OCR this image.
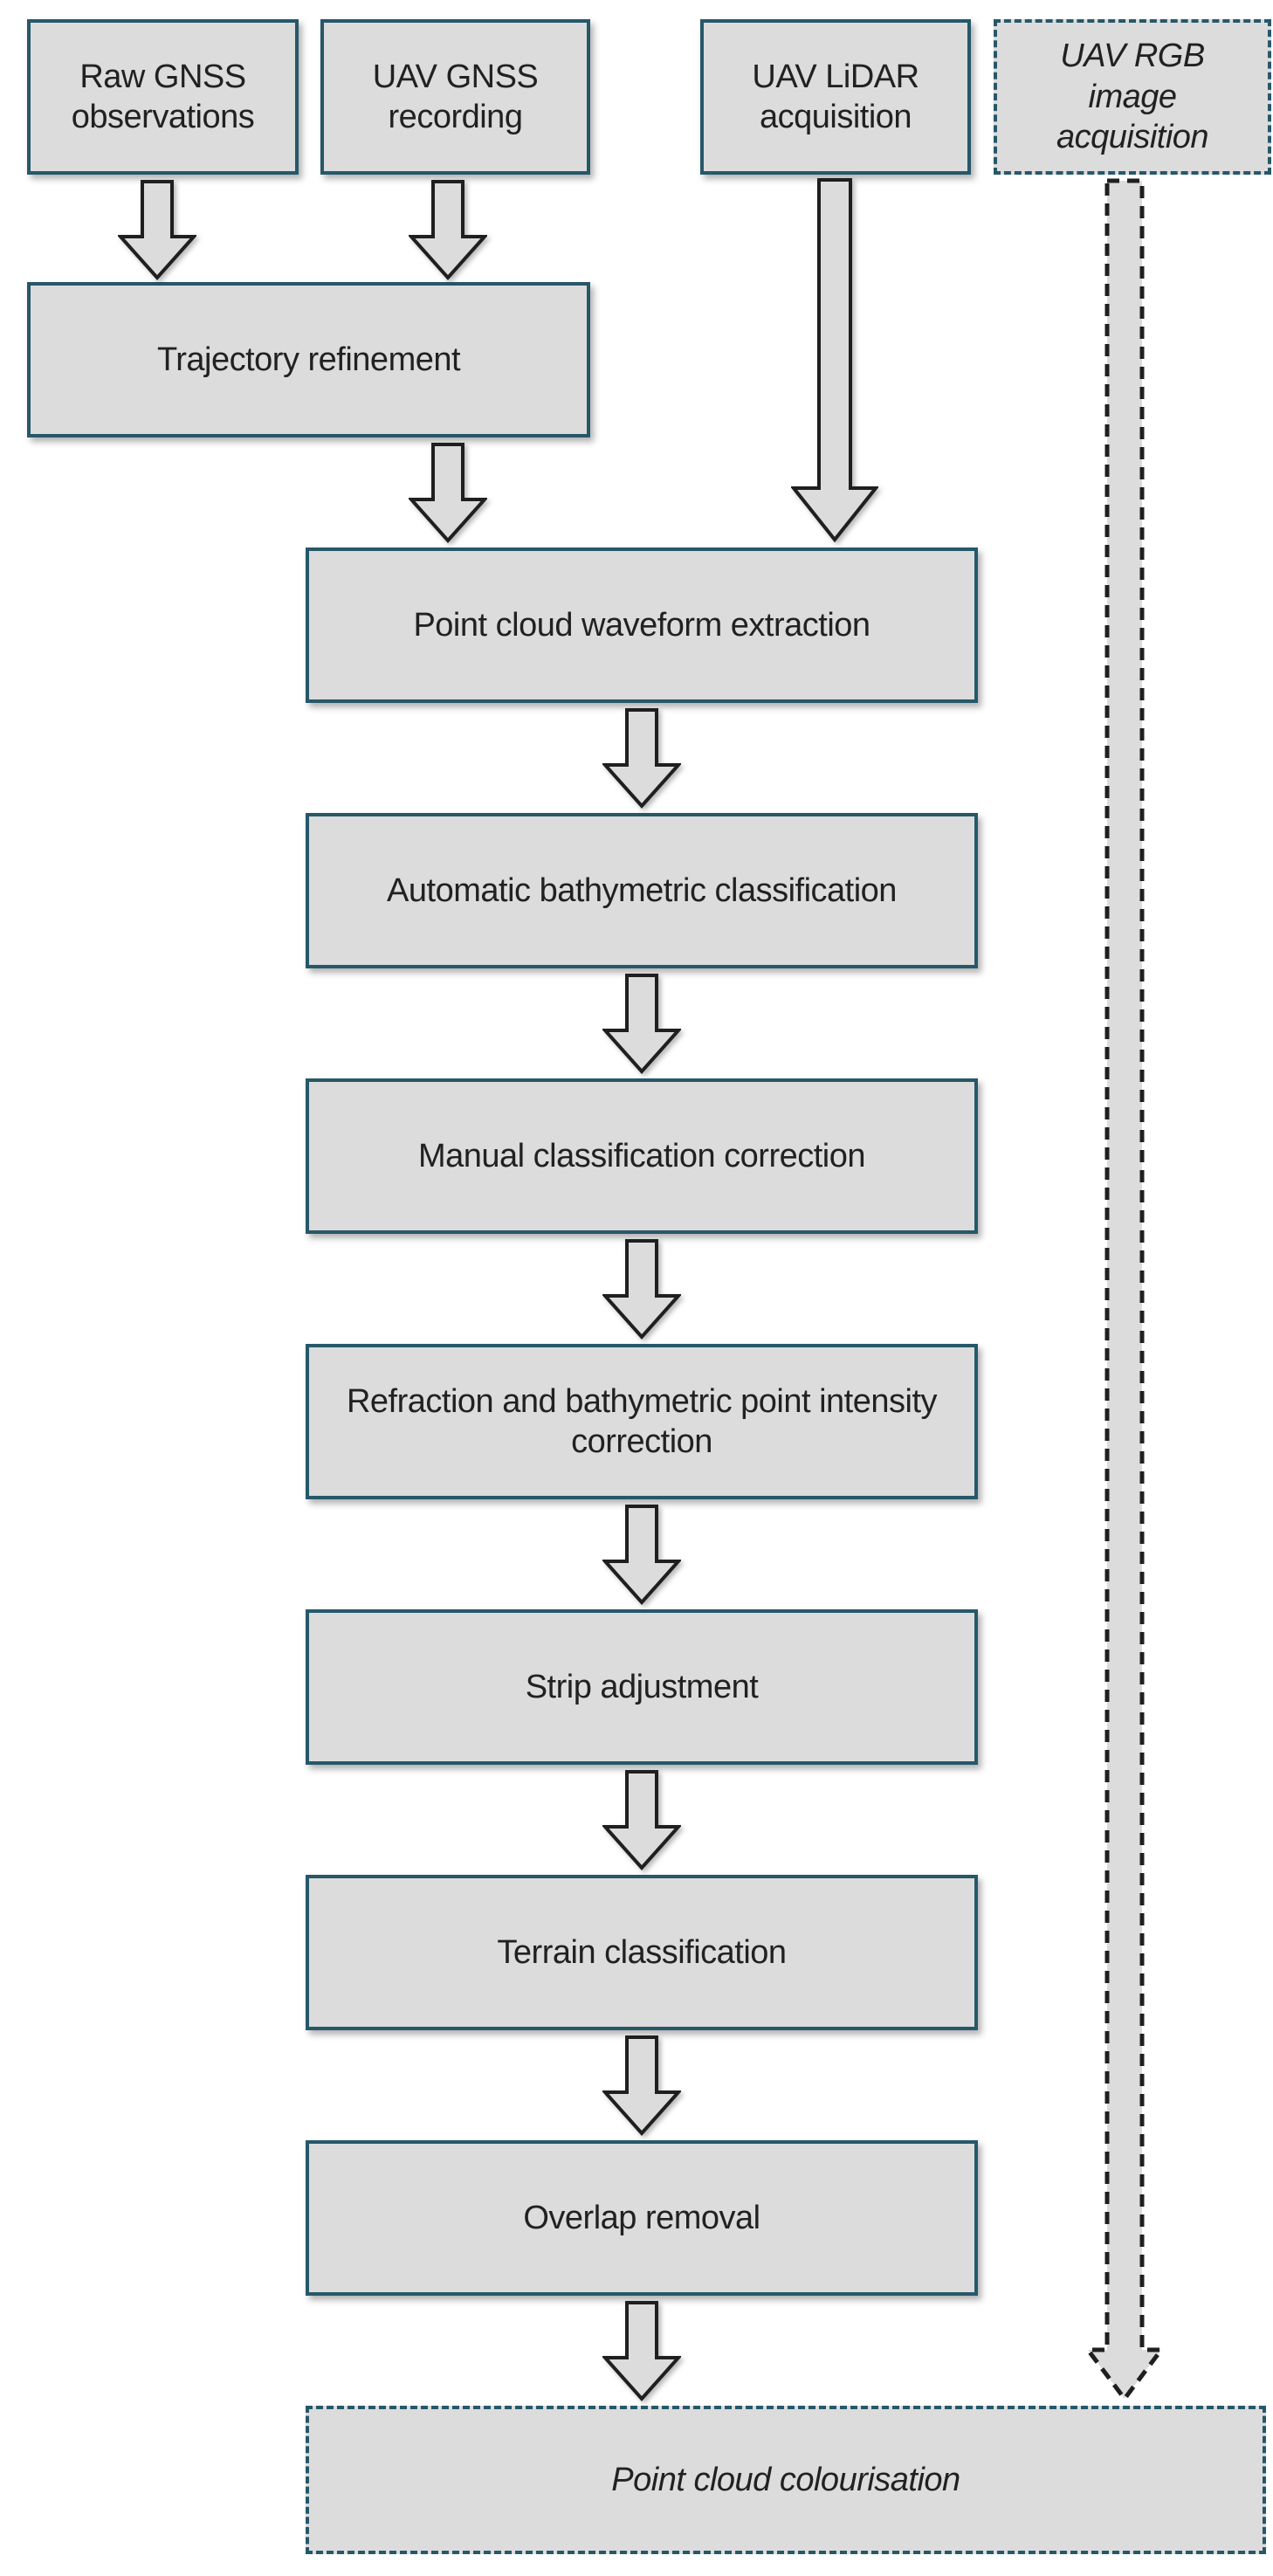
Raw GNSS observations
UAV GNSS recording
UAV LiDAR acquisition
UAV RGB image acquisition
Trajectory refinement
Point cloud waveform extraction
Automatic bathymetric classification
Manual classification correction
Refraction and bathymetric point intensity correction
Strip adjustment
Terrain classification
Overlap removal
Point cloud colourisation
